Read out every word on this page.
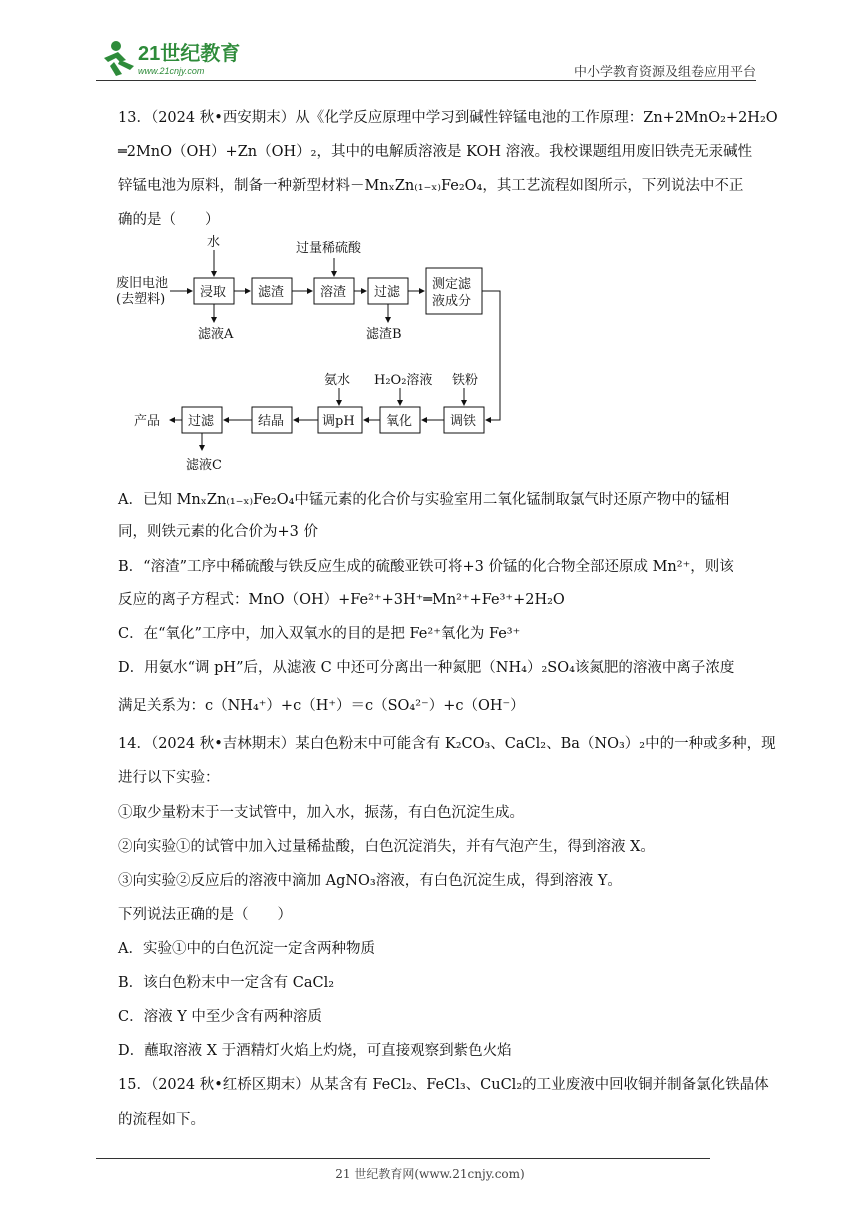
21世纪教育
www.21cnjy.com	中小学教育资源及组卷应用平台
13．（2024 秋•西安期末）从《化学反应原理中学习到碱性锌锰电池的工作原理：Zn+2MnO₂+2H₂O
═2MnO（OH）+Zn（OH）₂，其中的电解质溶液是 KOH 溶液。我校课题组用废旧铁壳无汞碱性
锌锰电池为原料，制备一种新型材料－MnₓZn₍₁₋ₓ₎Fe₂O₄，其工艺流程如图所示，下列说法中不正
确的是（　　）
废旧电池
(去塑料)
水	过量稀硫酸
浸取 滤渣	溶渣 过滤
测定滤
液成分
滤液A	滤渣B
氨水 H₂O₂溶液 铁粉
调铁
氧化
调pH
结晶
过滤
产品
滤液C
A．已知 MnₓZn₍₁₋ₓ₎Fe₂O₄中锰元素的化合价与实验室用二氧化锰制取氯气时还原产物中的锰相
同，则铁元素的化合价为+3 价
B．“溶渣”工序中稀硫酸与铁反应生成的硫酸亚铁可将+3 价锰的化合物全部还原成 Mn²⁺，则该
反应的离子方程式：MnO（OH）+Fe²⁺+3H⁺═Mn²⁺+Fe³⁺+2H₂O
C．在“氧化”工序中，加入双氧水的目的是把 Fe²⁺氧化为 Fe³⁺
D．用氨水“调 pH”后，从滤液 C 中还可分离出一种氮肥（NH₄）₂SO₄该氮肥的溶液中离子浓度
满足关系为：c（NH₄⁺）+c（H⁺）＝c（SO₄²⁻）+c（OH⁻）
14．（2024 秋•吉林期末）某白色粉末中可能含有 K₂CO₃、CaCl₂、Ba（NO₃）₂中的一种或多种，现
进行以下实验：
①取少量粉末于一支试管中，加入水，振荡，有白色沉淀生成。
②向实验①的试管中加入过量稀盐酸，白色沉淀消失，并有气泡产生，得到溶液 X。
③向实验②反应后的溶液中滴加 AgNO₃溶液，有白色沉淀生成，得到溶液 Y。
下列说法正确的是（　　）
A．实验①中的白色沉淀一定含两种物质
B．该白色粉末中一定含有 CaCl₂
C．溶液 Y 中至少含有两种溶质
D．蘸取溶液 X 于酒精灯火焰上灼烧，可直接观察到紫色火焰
15．（2024 秋•红桥区期末）从某含有 FeCl₂、FeCl₃、CuCl₂的工业废液中回收铜并制备氯化铁晶体
的流程如下。
21 世纪教育网(www.21cnjy.com)
